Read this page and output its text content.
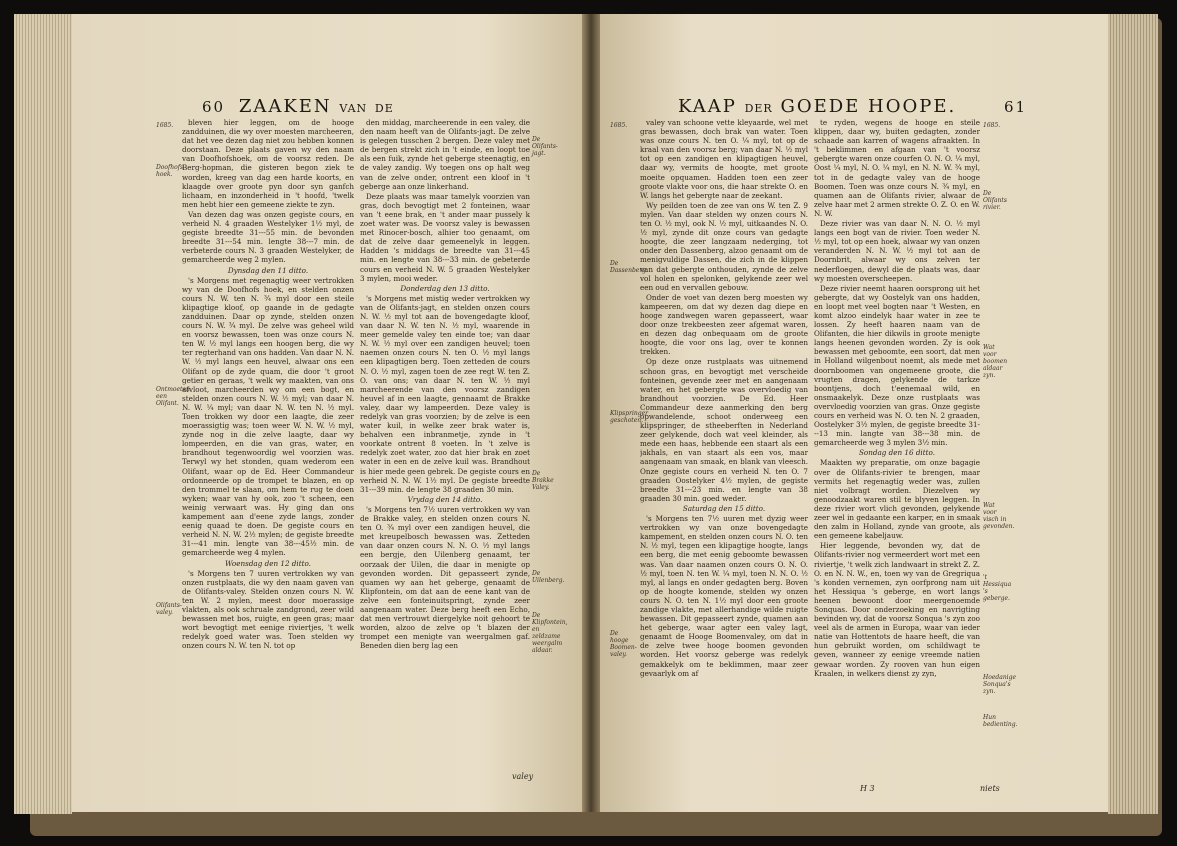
60 ZAAKEN VAN DE
1685.
Doofhofs hoek.
Ontmoeten een Olifant.
Olifants-valey.
De Olifants-jagt.
De Brakke Valey.
De Uilenberg.
De Klipfontein, en zeldzame weergalm aldaar.

bleven hier leggen, om de hooge zandduinen, die wy over moesten marcheeren, dat het vee dezen dag niet zou hebben konnen doorstaan. Deze plaats gaven wy den naam van Doofhofshoek, om de voorsz reden. De Berg-hopman, die gisteren begon ziek te worden, kreeg van dag een harde koorts, en klaagde over groote pyn door syn ganfch lichaam, en inzonderheid in 't hoofd, 'twelk men hebt hier een gemeene ziekte te zyn.

Van dezen dag was onzen gegiste cours, en verheid N. 4 graaden Westelyker 1½ myl, de gegiste breedte 31---55 min. de bevonden breedte 31---54 min. lengte 38---7 min. de verbeterde cours N. 3 graaden Westelyker, de gemarcheerde weg 2 mylen.

Dynsdag den 11 ditto.

's Morgens met regenagtig weer vertrokken wy van de Doofhofs hoek, en stelden onzen cours N. W. ten N. ¾ myl door een steile klipagtige kloof, op gaande in de gedagte zandduinen. Daar op zynde, stelden onzen cours N. W. ¾ myl. De zelve was geheel wild en voorsz bewassen, toen was onze cours N. ten W. ½ myl langs een hoogen berg, die wy ter regterhand van ons hadden. Van daar N. N. W. ½ myl langs een heuvel, alwaar ons een Olifant op de zyde quam, die door 't groot getier en geraas, 't welk wy maakten, van ons afvloot, marcheerden wy om een bogt, en stelden onzen cours N. W. ½ myl; van daar N. N. W. ¼ myl; van daar N. W. ten N. ½ myl. Toen trokken wy door een laagte, die zeer moerassigtig was; toen weer W. N. W. ½ myl, zynde nog in die zelve laagte, daar wy lompeerden, en die van gras, water, en brandhout tegenwoordig wel voorzien was. Terwyl wy het stonden, quam wederom een Olifant, waar op de Ed. Heer Commandeur ordonneerde op de trompet te blazen, en op den trommel te slaan, om hem te rug te doen wyken; waar van hy ook, zoo 't scheen, een weinig verwaart was. Hy ging dan ons kampement aan d'eene zyde langs, zonder eenig quaad te doen. De gegiste cours en verheid N. N. W. 2½ mylen; de gegiste breedte 31---41 min. lengte van 38---45½ min. de gemarcheerde weg 4 mylen.

Woensdag den 12 ditto.

's Morgens ten 7 uuren vertrokken wy van onzen rustplaats, die wy den naam gaven van de Olifants-valey. Stelden onzen cours N. W. ten W. 2 mylen, meest door moerassige vlakten, als ook schruale zandgrond, zeer wild bewassen met bos, ruigte, en geen gras; maar wort bevogtigt met eenige riviertjes, 't welk redelyk goed water was. Toen stelden wy onzen cours N. W. ten N. tot op

den middag, marcheerende in een valey, die den naam heeft van de Olifants-jagt. De zelve is gelegen tusschen 2 bergen. Deze valey met de bergen strekt zich in 't einde, en loopt toe als een fuik, zynde het geberge steenagtig, en de valey zandig. Wy toegen ons op halt weg van de zelve onder, ontrent een kloof in 't geberge aan onze linkerhand.

Deze plaats was maar tamelyk voorzien van gras, doch bevogtigt met 2 fonteinen, waar van 't eene brak, en 't ander maar pussely k zoet water was. De voorsz valey is bewassen met Rinocer-bosch, alhier too genaamt, om dat de zelve daar gemeenelyk in leggen. Hadden 's middags de breedte van 31---45 min. en lengte van 38---33 min. de gebeterde cours en verheid N. W. 5 graaden Westelyker 3 mylen, mooi weder.

Donderdag den 13 ditto.

's Morgens met mistig weder vertrokken wy van de Olifants-jagt, en stelden onzen cours N. W. ½ myl tot aan de bovengedagte kloof, van daar N. W. ten N. ½ myl, waarende in meer gemelde valey ten einde toe; van daar N. W. ½ myl over een zandigen heuvel; toen naemen onzen cours N. ten O. ½ myl langs een klipagtigen berg. Toen zetteden de cours N. O. ½ myl, zagen toen de zee regt W. ten Z. O. van ons; van daar N. ten W. ½ myl marcheerende van den voorsz zandigen heuvel af in een laagte, gennaamt de Brakke valey, daar wy lampeerden. Deze valey is redelyk van gras voorzien; by de zelve is een water kuil, in welke zeer brak water is, behalven een inbranmetje, zynde in 't voorkate ontrent 8 voeten. In 't zelve is redelyk zoet water, zoo dat hier brak en zoet water in een en de zelve kuil was. Brandhout is hier mede geen gebrek. De gegiste cours en verheid N. N. W. 1½ myl. De gegiste breedte 31---39 min. de lengte 38 graaden 30 min.

Vrydag den 14 ditto.

's Morgens ten 7½ uuren vertrokken wy van de Brakke valey, en stelden onzen cours N. ten O. ¾ myl over een zandigen heuvel, die met kreupelbosch bewassen was. Zetteden van daar onzen cours N. N. O. ½ myl langs een bergje, den Uilenberg genaamt, ter oorzaak der Uilen, die daar in menigte op gevonden worden. Dit gepasseert zynde, quamen wy aan het geberge, genaamt de Klipfontein, om dat aan de eene kant van de zelve een fonteinuitspringt, zynde zeer aangenaam water. Deze berg heeft een Echo, dat men vertrouwt diergelyke noit gehoort te worden, alzoo de zelve op 't blazen der trompet een menigte van weergalmen gaf. Beneden dien berg lag een

valey
KAAP DER GOEDE HOOPE.	61
1685.
De Dassenberg.
Klipspringer geschoten.
De hooge Boomen-valey.
1685.
De Olifants rivier.
Wat voor boomen aldaar zyn.
Wat voor visch in gevonden.
't Hessiqua 's geberge.
Hoedanige Sonqua's zyn.
Hun bedienting.

valey van schoone vette kleyaarde, wel met gras bewassen, doch brak van water. Toen was onze cours N. ten O. ¼ myl, tot op de kraal van den voorsz berg; van daar N. ½ myl tot op een zandigen en klipagtigen heuvel, daar wy, vermits de hoogte, met groote moeite opquamen. Hadden toen een zeer groote vlakte voor ons, die haar strekte O. en W. langs het gebergte naar de zeekant.

Wy peilden toen de zee van ons W. ten Z. 9 mylen. Van daar stelden wy onzen cours N. ten O. ½ myl, ook N. ½ myl, uitkaandes N. O. ½ myl, zynde dit onze cours van gedagte hoogte, die zeer langzaam nederging, tot onder den Dassenberg, alzoo genaamt om de menigvuldige Dassen, die zich in de klippen van dat gebergte onthouden, zynde de zelve vol holen en spelonken, gelykende zeer wel een oud en vervallen gebouw.

Onder de voet van dezen berg moesten wy kampeeren, om dat wy dezen dag diepe en hooge zandwegen waren gepasseert, waar door onze trekbeesten zeer afgemat waren, en dezen dag onbequaam om de groote hoogte, die voor ons lag, over te konnen trekken.

Op deze onze rustplaats was uitnemend schoon gras, en bevogtigt met verscheide fonteinen, gevende zeer met en aangenaam water, en het gebergte was overvloedig van brandhout voorzien. De Ed. Heer Commandeur deze aanmerking den berg opwandelende, schoot onderweeg een klipspringer, de stheeberften in Nederland zeer gelykende, doch wat veel kleinder, als mede een haas, hebbende een staart als een jakhals, en van staart als een vos, maar aangenaam van smaak, en blank van vleesch. Onze gegiste cours en verheid N. ten O. 7 graaden Oostelyker 4½ mylen, de gegiste breedte 31---23 min. en lengte van 38 graaden 30 min. goed weder.

Saturdag den 15 ditto.

's Morgens ten 7½ uuren met dyzig weer vertrokken wy van onze bovengedagte kampement, en stelden onzen cours N. O. ten N. ½ myl, tegen een klipagtige hoogte, langs een berg, die met eenig geboomte bewassen was. Van daar naamen onzen cours O. N. O. ½ myl, toen N. ten W. ¼ myl, toen N. N. O. ½ myl, al langs en onder gedagten berg. Boven op de hoogte komende, stelden wy onzen cours N. O. ten N. 1½ myl door een groote zandige vlakte, met allerhandige wilde ruigte bewassen. Dit gepasseert zynde, quamen aan het geberge, waar agter een valey lagt, genaamt de Hooge Boomenvaley, om dat in de zelve twee hooge boomen gevonden worden. Het voorsz geberge was redelyk gemakkelyk om te beklimmen, maar zeer gevaarlyk om af

te ryden, wegens de hooge en steile klippen, daar wy, buiten gedagten, zonder schaade aan karren of wagens afraakten. In 't beklimmen en afgaan van 't voorsz gebergte waren onze courfen O. N. O. ¼ myl, Oost ¼ myl, N. O. ¼ myl, en N. N. W. ¾ myl, tot in de gedagte valey van de hooge Boomen. Toen was onze cours N. ¾ myl, en quamen aan de Olifants rivier, alwaar de zelve haar met 2 armen strekte O. Z. O. en W. N. W.

Deze rivier was van daar N. N. O. ½ myl langs een bogt van de rivier. Toen weder N. ½ myl, tot op een hoek, alwaar wy van onzen veranderden N. N. W. ½ myl tot aan de Doornbrit, alwaar wy ons zelven ter nederfloegen, dewyl die de plaats was, daar wy moesten overscheepen.

Deze rivier neemt haaren oorsprong uit het gebergte, dat wy Oostelyk van ons hadden, en loopt met veel bogten naar 't Westen, en komt alzoo eindelyk haar water in zee te lossen. Zy heeft haaren naam van de Olifanten, die hier dikwils in groote menigte langs heenen gevonden worden. Zy is ook bewassen met geboomte, een soort, dat men in Holland wilgenbout noemt, als mede met doornboomen van ongemeene groote, die vrugten dragen, gelykende de tarkze boontjens, doch t'eenemaal wild, en onsmaakelyk. Deze onze rustplaats was overvloedig voorzien van gras. Onze gegiste cours en verheid was N. O. ten N. 2 graaden, Oostelyker 3½ mylen, de gegiste breedte 31---13 min. langte van 38---38 min. de gemarcheerde weg 3 mylen 3½ min.

Sondag den 16 ditto.

Maakten wy preparatie, om onze bagagie over de Olifants-rivier te brengen, maar vermits het regenagtig weder was, zullen niet volbragt worden. Diezelven wy genoodzaakt waren stil te blyven leggen. In deze rivier wort vlich gevonden, gelykende zeer wel in gedaante een karper, en in smaak den zalm in Holland, zynde van groote, als een gemeene kabeljauw.

Hier leggende, bevonden wy, dat de Olifants-rivier nog vermeerdert wort met een riviertje, 't welk zich landwaart in strekt Z. Z. O. en N. N. W., en, toen wy van de Gregriqua 's konden vernemen, zyn oorfprong nam uit het Hessiqua 's geberge, en wort langs heenen bewoont door meergenoemde Sonquas. Door onderzoeking en navrigting bevinden wy, dat de voorsz Sonqua 's zyn zoo veel als de armen in Europa, waar van ieder natie van Hottentots de haare heeft, die van hun gebruikt worden, om schildwagt te geven, wanneer zy eenige vreemde natien gewaar worden. Zy rooven van hun eigen Kraalen, in welkers dienst zy zyn,

H 3	niets
